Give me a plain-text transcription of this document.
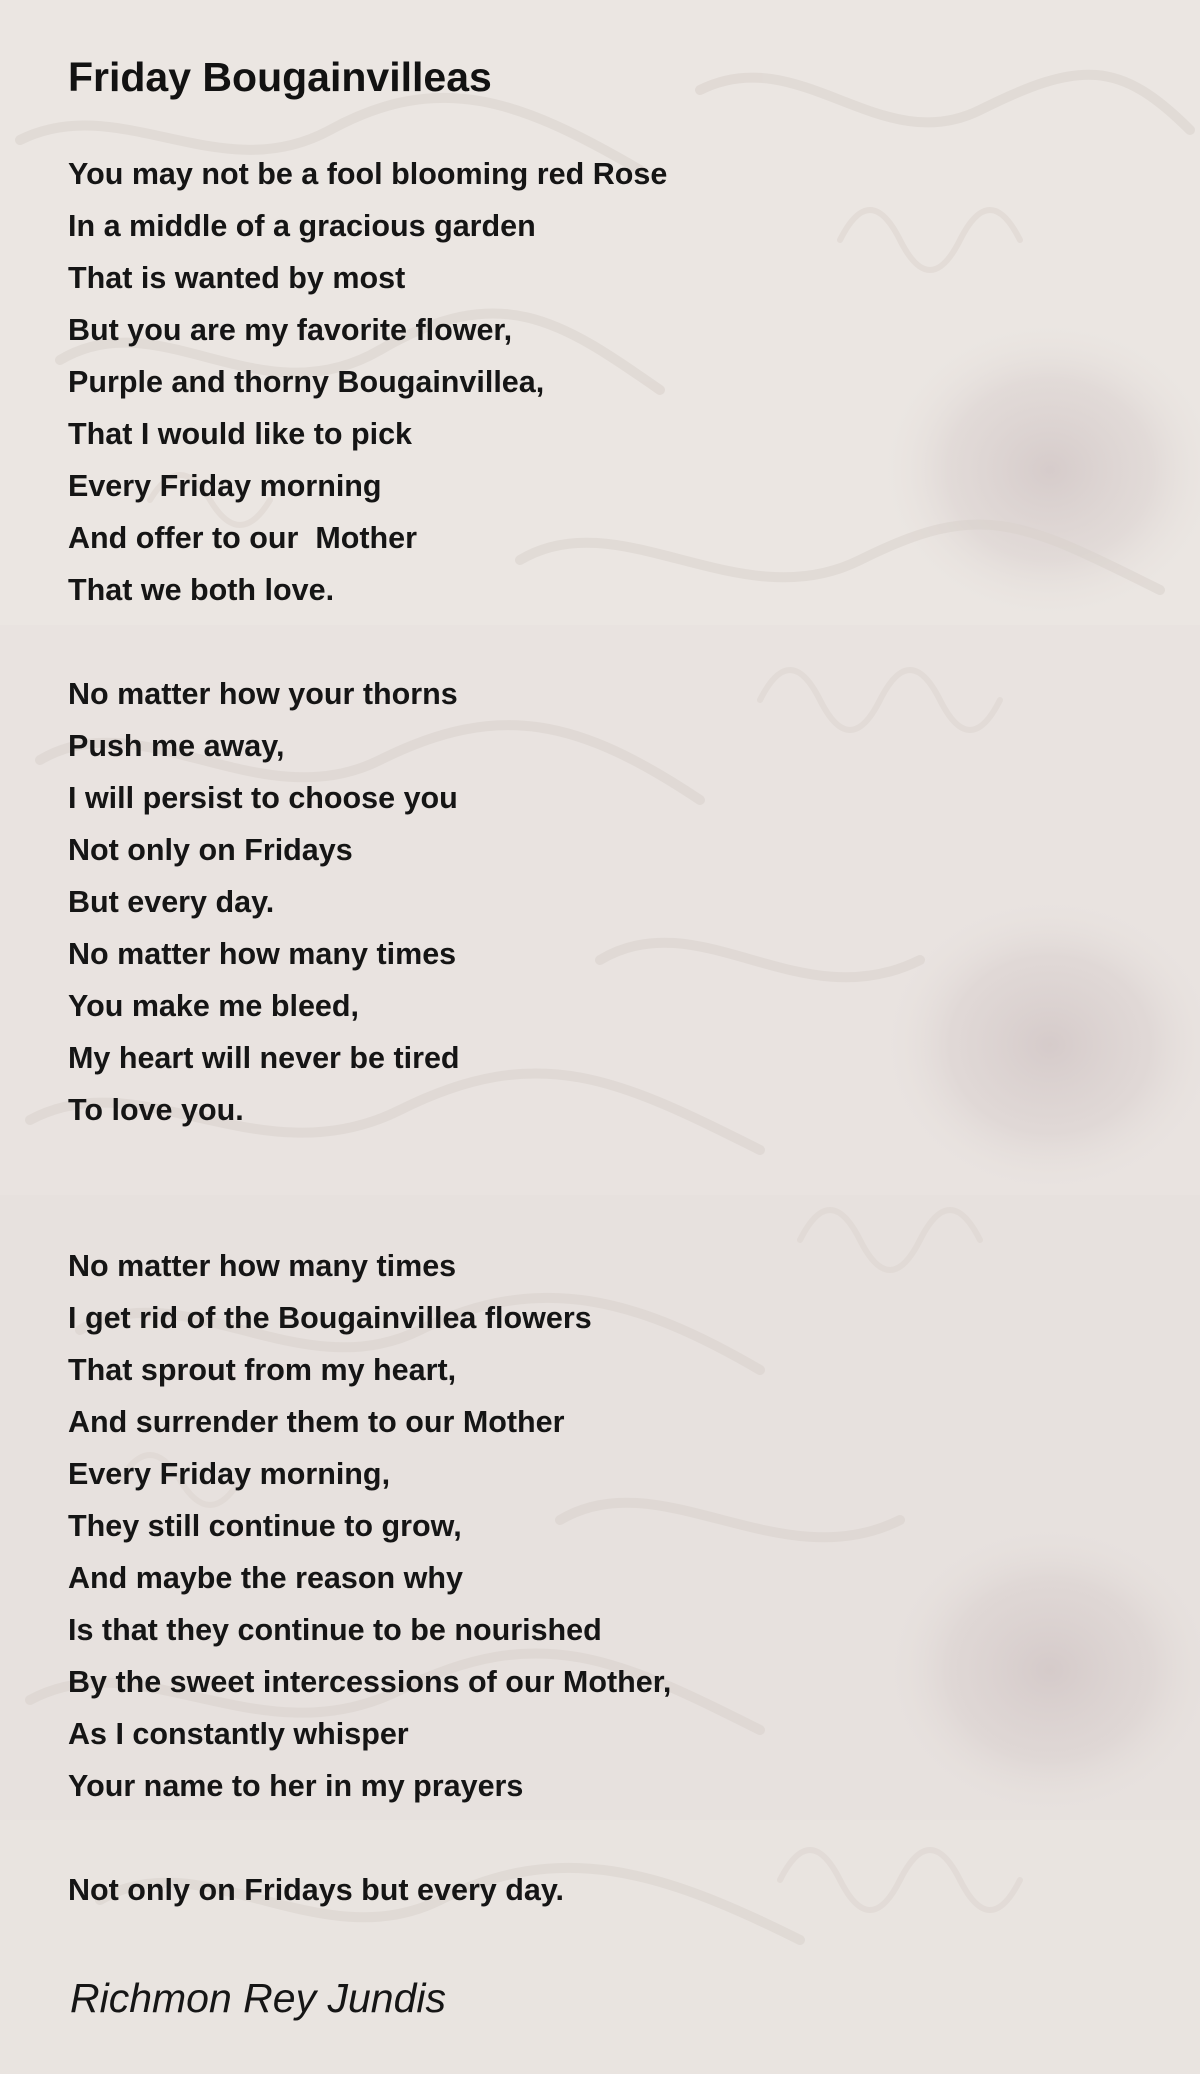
Friday Bougainvilleas
You may not be a fool blooming red Rose
In a middle of a gracious garden
That is wanted by most
But you are my favorite flower,
Purple and thorny Bougainvillea,
That I would like to pick
Every Friday morning
And offer to our  Mother
That we both love.
No matter how your thorns
Push me away,
I will persist to choose you
Not only on Fridays
But every day.
No matter how many times
You make me bleed,
My heart will never be tired
To love you.
No matter how many times
I get rid of the Bougainvillea flowers
That sprout from my heart,
And surrender them to our Mother
Every Friday morning,
They still continue to grow,
And maybe the reason why
Is that they continue to be nourished
By the sweet intercessions of our Mother,
As I constantly whisper
Your name to her in my prayers
Not only on Fridays but every day.

Richmon Rey Jundis
